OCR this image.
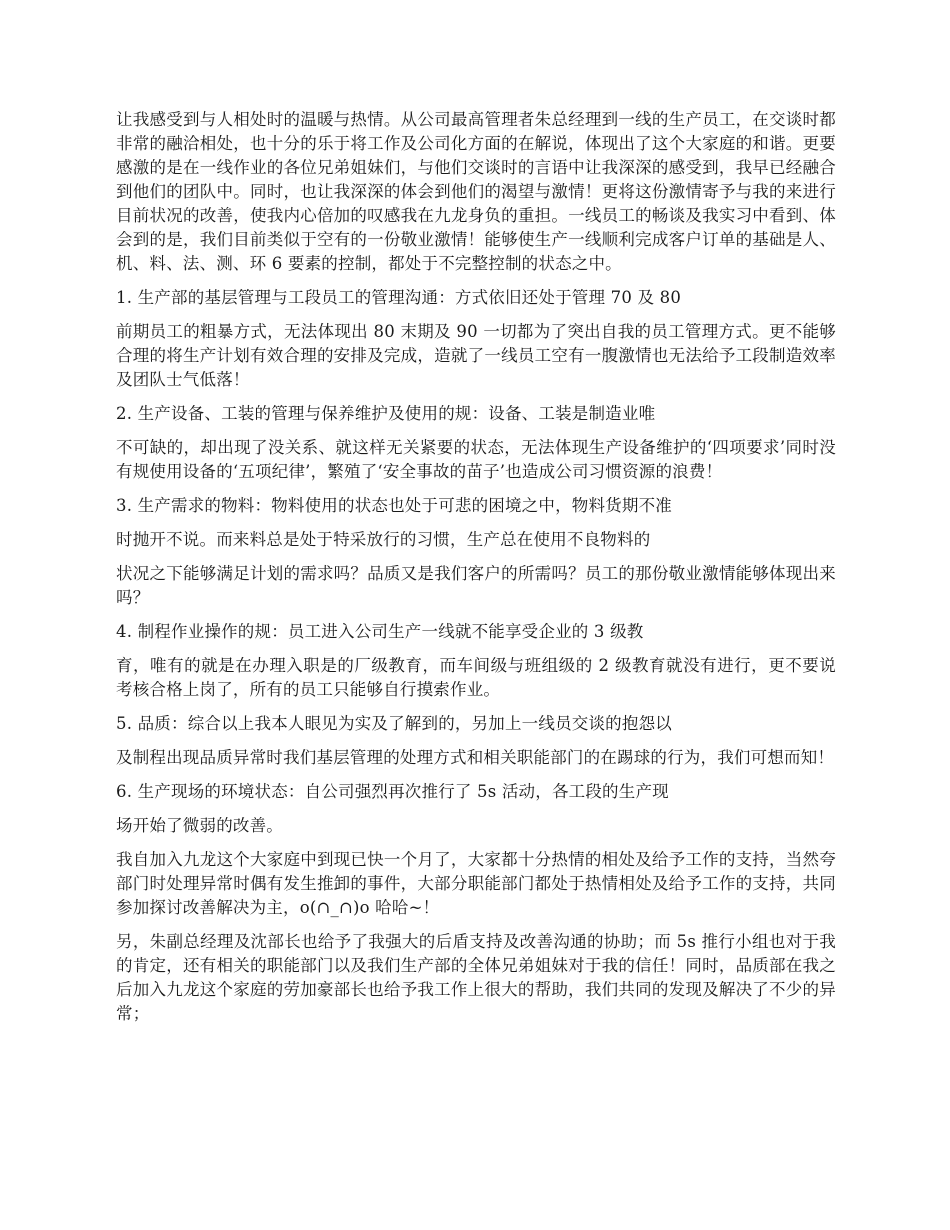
让我感受到与人相处时的温暖与热情。从公司最高管理者朱总经理到一线的生产员工，在交谈时都非常的融洽相处，也十分的乐于将工作及公司化方面的在解说，体现出了这个大家庭的和谐。更要感激的是在一线作业的各位兄弟姐妹们，与他们交谈时的言语中让我深深的感受到，我早已经融合到他们的团队中。同时，也让我深深的体会到他们的渴望与激情！更将这份激情寄予与我的来进行目前状况的改善，使我内心倍加的叹感我在九龙身负的重担。一线员工的畅谈及我实习中看到、体会到的是，我们目前类似于空有的一份敬业激情！能够使生产一线顺利完成客户订单的基础是人、机、料、法、测、环 6 要素的控制，都处于不完整控制的状态之中。

1. 生产部的基层管理与工段员工的管理沟通：方式依旧还处于管理 70 及 80

前期员工的粗暴方式，无法体现出 80 末期及 90 一切都为了突出自我的员工管理方式。更不能够合理的将生产计划有效合理的安排及完成，造就了一线员工空有一腹激情也无法给予工段制造效率及团队士气低落！

2. 生产设备、工装的管理与保养维护及使用的规：设备、工装是制造业唯

不可缺的，却出现了没关系、就这样无关紧要的状态，无法体现生产设备维护的‘四项要求’同时没有规使用设备的‘五项纪律’，繁殖了‘安全事故的苗子’也造成公司习惯资源的浪费！

3. 生产需求的物料：物料使用的状态也处于可悲的困境之中，物料货期不准

时抛开不说。而来料总是处于特采放行的习惯，生产总在使用不良物料的

状况之下能够满足计划的需求吗？品质又是我们客户的所需吗？员工的那份敬业激情能够体现出来吗？

4. 制程作业操作的规：员工进入公司生产一线就不能享受企业的 3 级教

育，唯有的就是在办理入职是的厂级教育，而车间级与班组级的 2 级教育就没有进行，更不要说考核合格上岗了，所有的员工只能够自行摸索作业。

5. 品质：综合以上我本人眼见为实及了解到的，另加上一线员交谈的抱怨以

及制程出现品质异常时我们基层管理的处理方式和相关职能部门的在踢球的行为，我们可想而知！

6. 生产现场的环境状态：自公司强烈再次推行了 5s 活动，各工段的生产现

场开始了微弱的改善。

我自加入九龙这个大家庭中到现已快一个月了，大家都十分热情的相处及给予工作的支持，当然夸部门时处理异常时偶有发生推卸的事件，大部分职能部门都处于热情相处及给予工作的支持，共同参加探讨改善解决为主，o(∩_∩)o 哈哈~！

另，朱副总经理及沈部长也给予了我强大的后盾支持及改善沟通的协助；而 5s 推行小组也对于我的肯定，还有相关的职能部门以及我们生产部的全体兄弟姐妹对于我的信任！同时，品质部在我之后加入九龙这个家庭的劳加豪部长也给予我工作上很大的帮助，我们共同的发现及解决了不少的异常；
